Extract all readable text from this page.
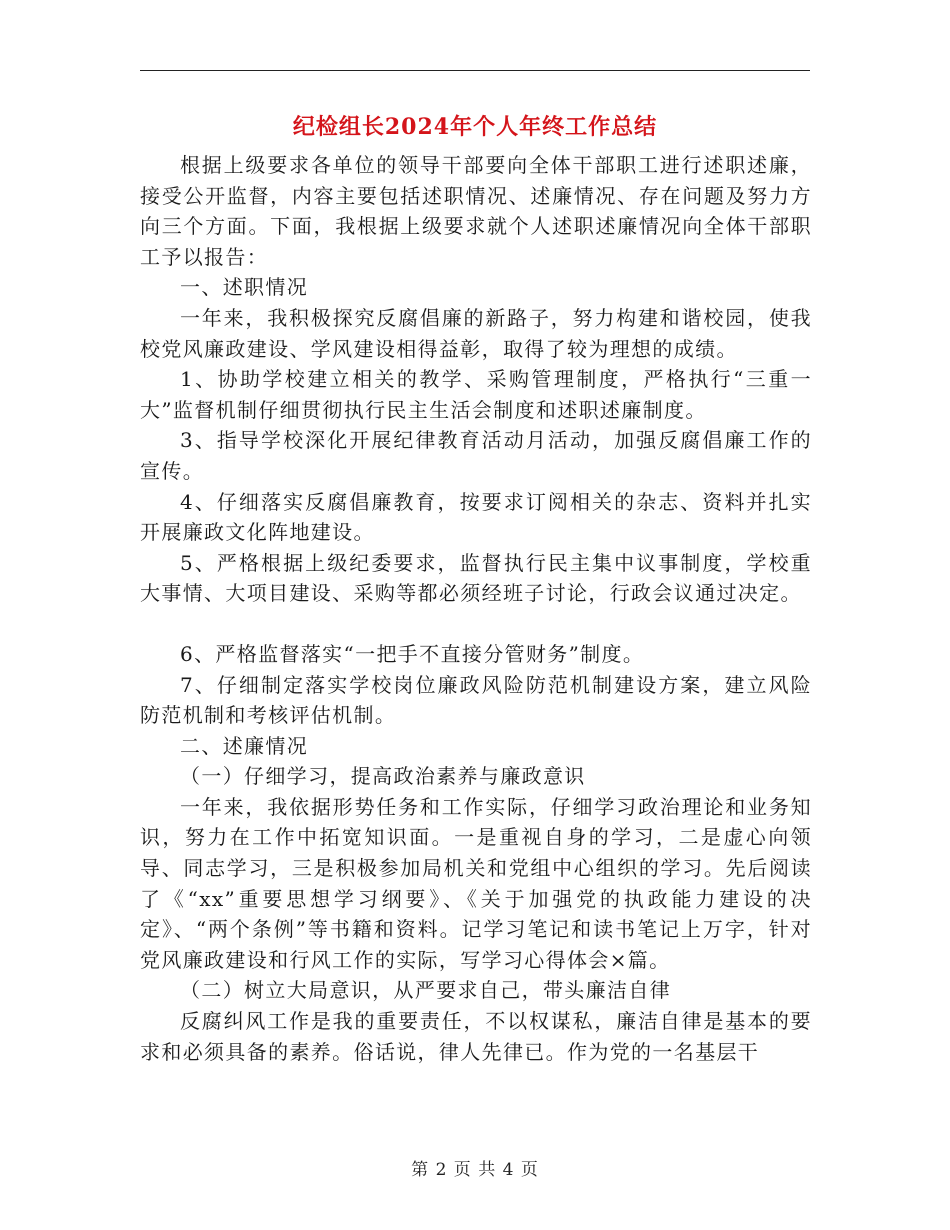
纪检组长2024年个人年终工作总结

根据上级要求各单位的领导干部要向全体干部职工进行述职述廉，接受公开监督，内容主要包括述职情况、述廉情况、存在问题及努力方向三个方面。下面，我根据上级要求就个人述职述廉情况向全体干部职工予以报告：

一、述职情况

一年来，我积极探究反腐倡廉的新路子，努力构建和谐校园，使我校党风廉政建设、学风建设相得益彰，取得了较为理想的成绩。

1、协助学校建立相关的教学、采购管理制度，严格执行“三重一大”监督机制仔细贯彻执行民主生活会制度和述职述廉制度。

3、指导学校深化开展纪律教育活动月活动，加强反腐倡廉工作的宣传。

4、仔细落实反腐倡廉教育，按要求订阅相关的杂志、资料并扎实开展廉政文化阵地建设。

5、严格根据上级纪委要求，监督执行民主集中议事制度，学校重大事情、大项目建设、采购等都必须经班子讨论，行政会议通过决定。

6、严格监督落实“一把手不直接分管财务”制度。

7、仔细制定落实学校岗位廉政风险防范机制建设方案，建立风险防范机制和考核评估机制。

二、述廉情况

（一）仔细学习，提高政治素养与廉政意识

一年来，我依据形势任务和工作实际，仔细学习政治理论和业务知识，努力在工作中拓宽知识面。一是重视自身的学习，二是虚心向领导、同志学习，三是积极参加局机关和党组中心组织的学习。先后阅读了《“xx”重要思想学习纲要》、《关于加强党的执政能力建设的决定》、“两个条例”等书籍和资料。记学习笔记和读书笔记上万字，针对党风廉政建设和行风工作的实际，写学习心得体会×篇。

（二）树立大局意识，从严要求自己，带头廉洁自律

反腐纠风工作是我的重要责任，不以权谋私，廉洁自律是基本的要求和必须具备的素养。俗话说，律人先律已。作为党的一名基层干

第 2 页 共 4 页
